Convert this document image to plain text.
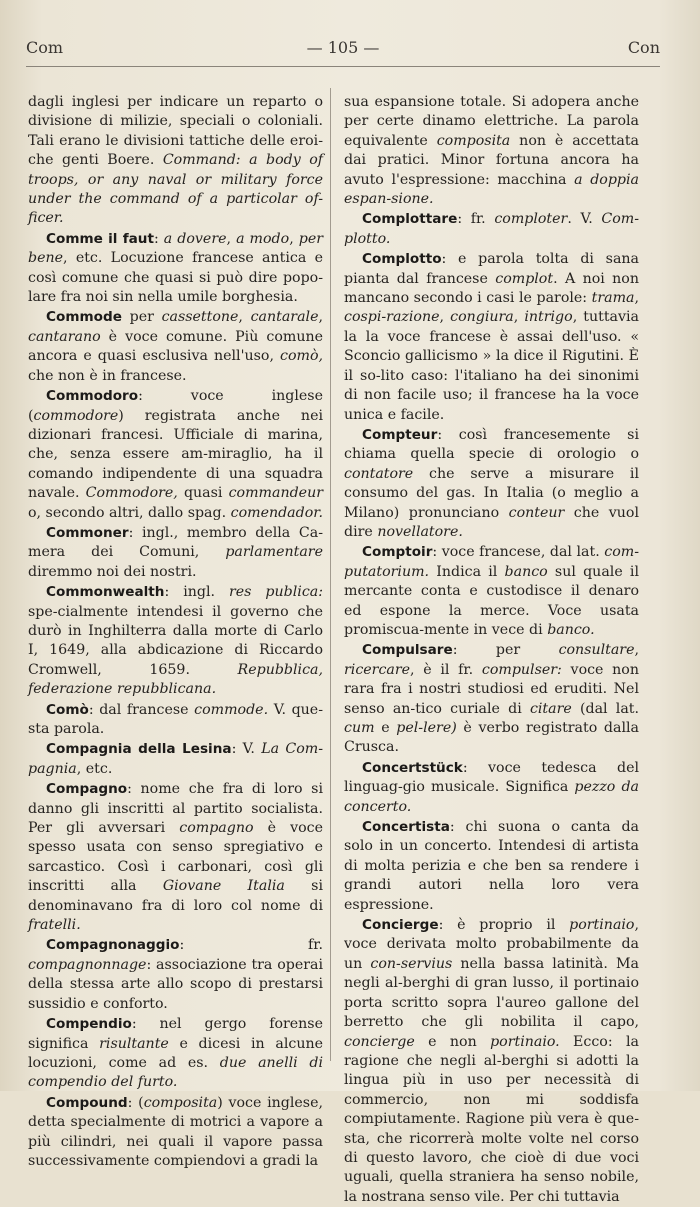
Com	— 105 —	Con

dagli inglesi per indicare un reparto o divisione di milizie, speciali o coloniali. Tali erano le divisioni tattiche delle eroi-che genti Boere. Command: a body of troops, or any naval or military force under the command of a particolar of-ficer.

Comme il faut: a dovere, a modo, per bene, etc. Locuzione francese antica e così comune che quasi si può dire popo-lare fra noi sin nella umile borghesia.

Commode per cassettone, cantarale, cantarano è voce comune. Più comune ancora e quasi esclusiva nell'uso, comò, che non è in francese.

Commodoro: voce inglese (commodore) registrata anche nei dizionari francesi. Ufficiale di marina, che, senza essere am-miraglio, ha il comando indipendente di una squadra navale. Commodore, quasi commandeur o, secondo altri, dallo spag. comendador.

Commoner: ingl., membro della Ca-mera dei Comuni, parlamentare diremmo noi dei nostri.

Commonwealth: ingl. res publica: spe-cialmente intendesi il governo che durò in Inghilterra dalla morte di Carlo I, 1649, alla abdicazione di Riccardo Cromwell, 1659. Repubblica, federazione repubblicana.

Comò: dal francese commode. V. que-sta parola.

Compagnia della Lesina: V. La Com-pagnia, etc.

Compagno: nome che fra di loro si danno gli inscritti al partito socialista. Per gli avversari compagno è voce spesso usata con senso spregiativo e sarcastico. Così i carbonari, così gli inscritti alla Giovane Italia si denominavano fra di loro col nome di fratelli.

Compagnonaggio: fr. compagnonnage: associazione tra operai della stessa arte allo scopo di prestarsi sussidio e conforto.

Compendio: nel gergo forense significa risultante e dicesi in alcune locuzioni, come ad es. due anelli di compendio del furto.

Compound: (composita) voce inglese, detta specialmente di motrici a vapore a più cilindri, nei quali il vapore passa successivamente compiendovi a gradi la

sua espansione totale. Si adopera anche per certe dinamo elettriche. La parola equivalente composita non è accettata dai pratici. Minor fortuna ancora ha avuto l'espressione: macchina a doppia espan-sione.

Complottare: fr. comploter. V. Com-plotto.

Complotto: e parola tolta di sana pianta dal francese complot. A noi non mancano secondo i casi le parole: trama, cospi-razione, congiura, intrigo, tuttavia la la voce francese è assai dell'uso. « Sconcio gallicismo » la dice il Rigutini. È il so-lito caso: l'italiano ha dei sinonimi di non facile uso; il francese ha la voce unica e facile.

Compteur: così francesemente si chiama quella specie di orologio o contatore che serve a misurare il consumo del gas. In Italia (o meglio a Milano) pronunciano conteur che vuol dire novellatore.

Comptoir: voce francese, dal lat. com-putatorium. Indica il banco sul quale il mercante conta e custodisce il denaro ed espone la merce. Voce usata promiscua-mente in vece di banco.

Compulsare: per consultare, ricercare, è il fr. compulser: voce non rara fra i nostri studiosi ed eruditi. Nel senso an-tico curiale di citare (dal lat. cum e pel-lere) è verbo registrato dalla Crusca.

Concertstück: voce tedesca del linguag-gio musicale. Significa pezzo da concerto.

Concertista: chi suona o canta da solo in un concerto. Intendesi di artista di molta perizia e che ben sa rendere i grandi autori nella loro vera espressione.

Concierge: è proprio il portinaio, voce derivata molto probabilmente da un con-servius nella bassa latinità. Ma negli al-berghi di gran lusso, il portinaio porta scritto sopra l'aureo gallone del berretto che gli nobilita il capo, concierge e non portinaio. Ecco: la ragione che negli al-berghi si adotti la lingua più in uso per necessità di commercio, non mi soddisfa compiutamente. Ragione più vera è que-sta, che ricorrerà molte volte nel corso di questo lavoro, che cioè di due voci uguali, quella straniera ha senso nobile, la nostrana senso vile. Per chi tuttavia
